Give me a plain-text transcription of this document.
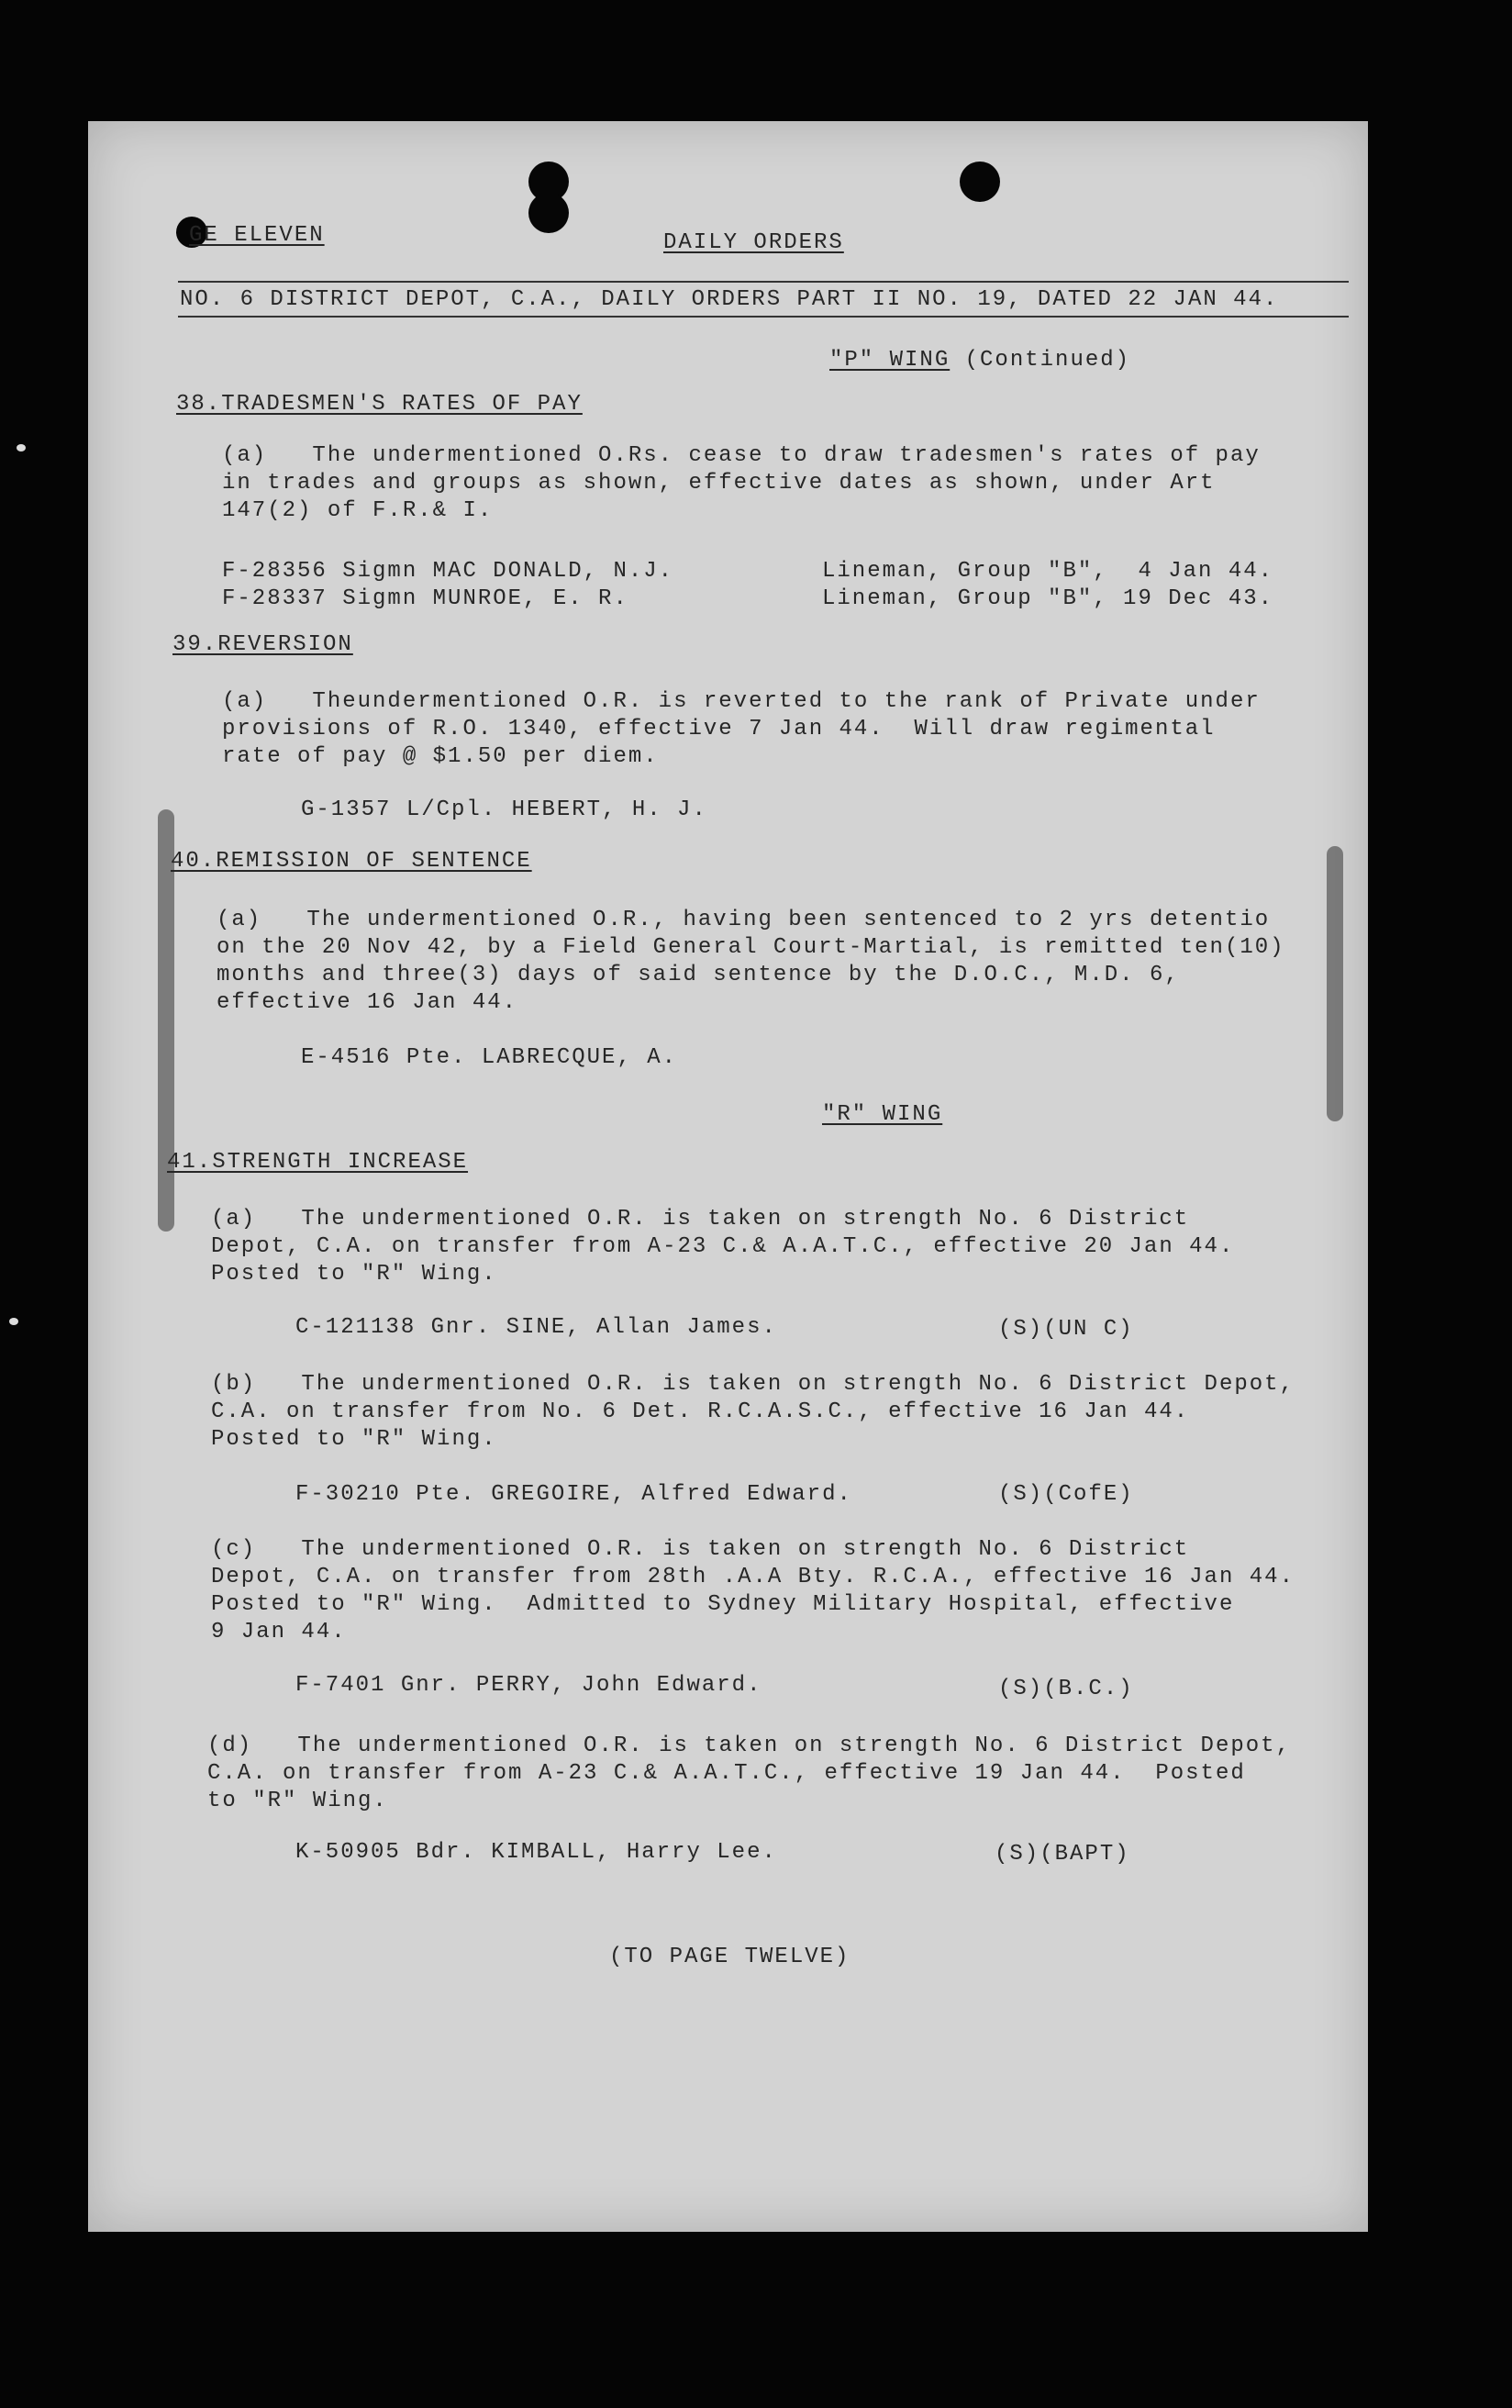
GE ELEVEN	DAILY ORDERS
NO. 6 DISTRICT DEPOT, C.A., DAILY ORDERS PART II NO. 19, DATED 22 JAN 44.
"P" WING (Continued)
38.TRADESMEN'S RATES OF PAY
(a)   The undermentioned O.Rs. cease to draw tradesmen's rates of pay
in trades and groups as shown, effective dates as shown, under Art
147(2) of F.R.& I.
F-28356 Sigmn MAC DONALD, N.J.	Lineman, Group "B",  4 Jan 44.
F-28337 Sigmn MUNROE, E. R.	Lineman, Group "B", 19 Dec 43.
39.REVERSION
(a)   Theundermentioned O.R. is reverted to the rank of Private under
provisions of R.O. 1340, effective 7 Jan 44.  Will draw regimental
rate of pay @ $1.50 per diem.
G-1357 L/Cpl. HEBERT, H. J.
40.REMISSION OF SENTENCE
(a)   The undermentioned O.R., having been sentenced to 2 yrs detentio
on the 20 Nov 42, by a Field General Court-Martial, is remitted ten(10)
months and three(3) days of said sentence by the D.O.C., M.D. 6,
effective 16 Jan 44.
E-4516 Pte. LABRECQUE, A.
"R" WING
41.STRENGTH INCREASE
(a)   The undermentioned O.R. is taken on strength No. 6 District
Depot, C.A. on transfer from A-23 C.& A.A.T.C., effective 20 Jan 44.
Posted to "R" Wing.
C-121138 Gnr. SINE, Allan James.	(S)(UN C)
(b)   The undermentioned O.R. is taken on strength No. 6 District Depot,
C.A. on transfer from No. 6 Det. R.C.A.S.C., effective 16 Jan 44.
Posted to "R" Wing.
F-30210 Pte. GREGOIRE, Alfred Edward.	(S)(CofE)
(c)   The undermentioned O.R. is taken on strength No. 6 District
Depot, C.A. on transfer from 28th .A.A Bty. R.C.A., effective 16 Jan 44.
Posted to "R" Wing.  Admitted to Sydney Military Hospital, effective
9 Jan 44.
F-7401 Gnr. PERRY, John Edward.	(S)(B.C.)
(d)   The undermentioned O.R. is taken on strength No. 6 District Depot,
C.A. on transfer from A-23 C.& A.A.T.C., effective 19 Jan 44.  Posted
to "R" Wing.
K-50905 Bdr. KIMBALL, Harry Lee.	(S)(BAPT)
(TO PAGE TWELVE)
